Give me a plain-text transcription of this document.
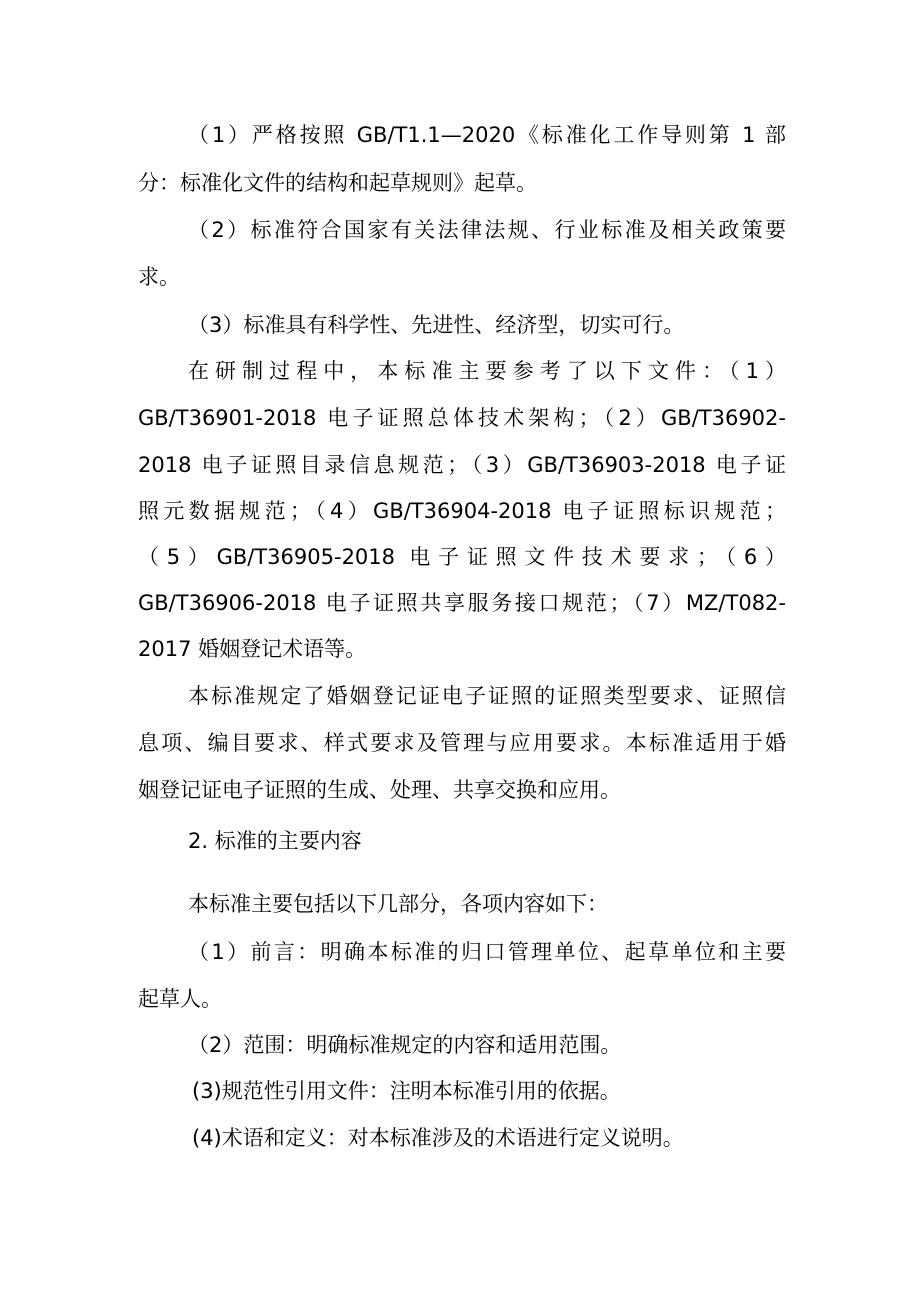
（1）严格按照 GB/T1.1—2020《标准化工作导则第 1 部
分：标准化文件的结构和起草规则》起草。
（2）标准符合国家有关法律法规、行业标准及相关政策要
求。
（3）标准具有科学性、先进性、经济型，切实可行。
在研制过程中，本标准主要参考了以下文件：（1）
GB∕T36901-2018 电子证照总体技术架构；（2）GB/T36902-
2018 电子证照目录信息规范；（3）GB/T36903-2018 电子证
照元数据规范；（4）GB∕T36904-2018 电子证照标识规范；
（5）GB/T36905-2018 电子证照文件技术要求；（6）
GB/T36906-2018 电子证照共享服务接口规范；（7）MZ/T082-
2017 婚姻登记术语等。
本标准规定了婚姻登记证电子证照的证照类型要求、证照信
息项、编目要求、样式要求及管理与应用要求。本标准适用于婚
姻登记证电子证照的生成、处理、共享交换和应用。
2. 标准的主要内容
本标准主要包括以下几部分，各项内容如下：
（1）前言：明确本标准的归口管理单位、起草单位和主要
起草人。
（2）范围：明确标准规定的内容和适用范围。
(3)规范性引用文件：注明本标准引用的依据。
(4)术语和定义：对本标准涉及的术语进行定义说明。
